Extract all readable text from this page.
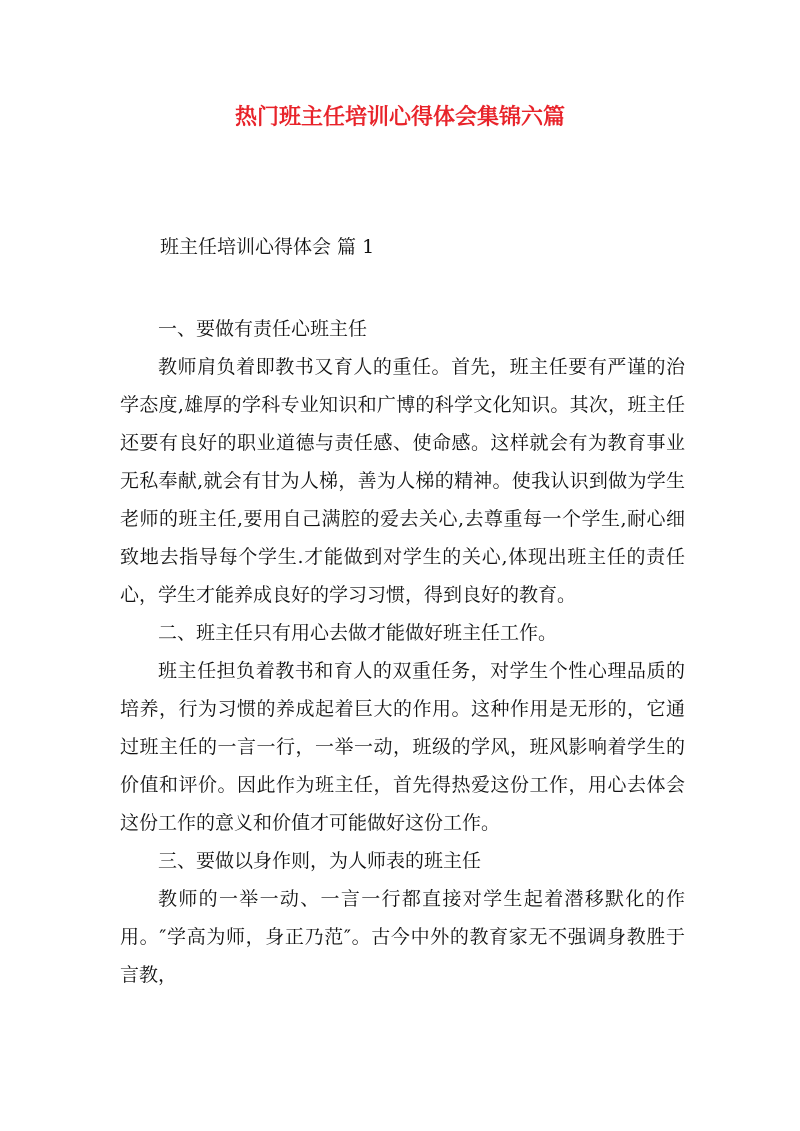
热门班主任培训心得体会集锦六篇
班主任培训心得体会 篇 1

一、要做有责任心班主任

教师肩负着即教书又育人的重任。首先，班主任要有严谨的治学态度,雄厚的学科专业知识和广博的科学文化知识。其次，班主任还要有良好的职业道德与责任感、使命感。这样就会有为教育事业无私奉献,就会有甘为人梯，善为人梯的精神。使我认识到做为学生老师的班主任,要用自己满腔的爱去关心,去尊重每一个学生,耐心细致地去指导每个学生.才能做到对学生的关心,体现出班主任的责任心，学生才能养成良好的学习习惯，得到良好的教育。

二、班主任只有用心去做才能做好班主任工作。

班主任担负着教书和育人的双重任务，对学生个性心理品质的培养，行为习惯的养成起着巨大的作用。这种作用是无形的，它通过班主任的一言一行，一举一动，班级的学风，班风影响着学生的价值和评价。因此作为班主任，首先得热爱这份工作，用心去体会这份工作的意义和价值才可能做好这份工作。

三、要做以身作则，为人师表的班主任

教师的一举一动、一言一行都直接对学生起着潜移默化的作用。″学高为师，身正乃范″。古今中外的教育家无不强调身教胜于言教，
